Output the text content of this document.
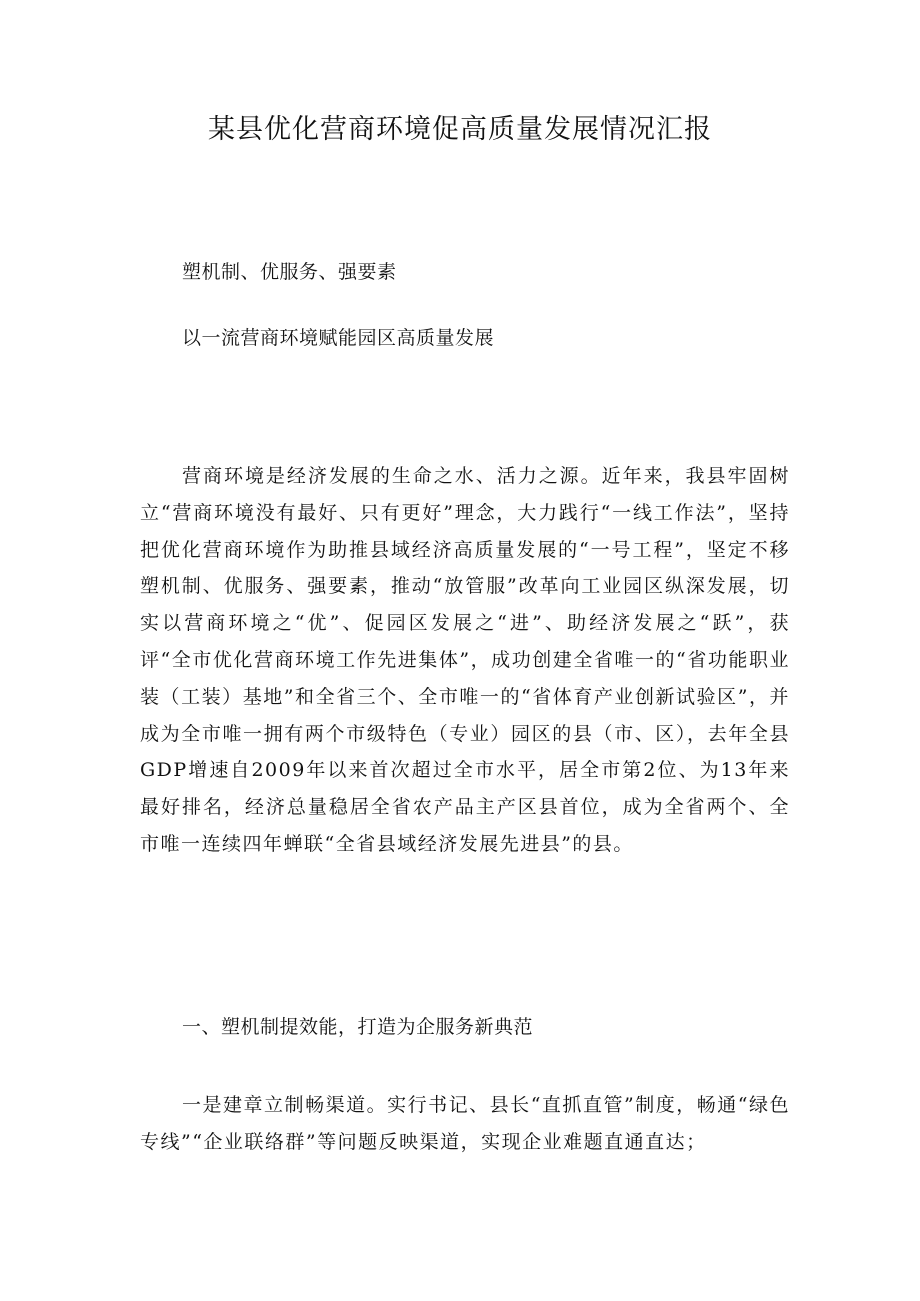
某县优化营商环境促高质量发展情况汇报

塑机制、优服务、强要素

以一流营商环境赋能园区高质量发展

营商环境是经济发展的生命之水、活力之源。近年来，我县牢固树立“营商环境没有最好、只有更好”理念，大力践行“一线工作法”，坚持把优化营商环境作为助推县域经济高质量发展的“一号工程”，坚定不移塑机制、优服务、强要素，推动“放管服”改革向工业园区纵深发展，切实以营商环境之“优”、促园区发展之“进”、助经济发展之“跃”，获评“全市优化营商环境工作先进集体”，成功创建全省唯一的“省功能职业装（工装）基地”和全省三个、全市唯一的“省体育产业创新试验区”，并成为全市唯一拥有两个市级特色（专业）园区的县（市、区），去年全县GDP增速自2009年以来首次超过全市水平，居全市第2位、为13年来最好排名，经济总量稳居全省农产品主产区县首位，成为全省两个、全市唯一连续四年蝉联“全省县域经济发展先进县”的县。

一、塑机制提效能，打造为企服务新典范

一是建章立制畅渠道。实行书记、县长“直抓直管”制度，畅通“绿色专线”“企业联络群”等问题反映渠道，实现企业难题直通直达；
